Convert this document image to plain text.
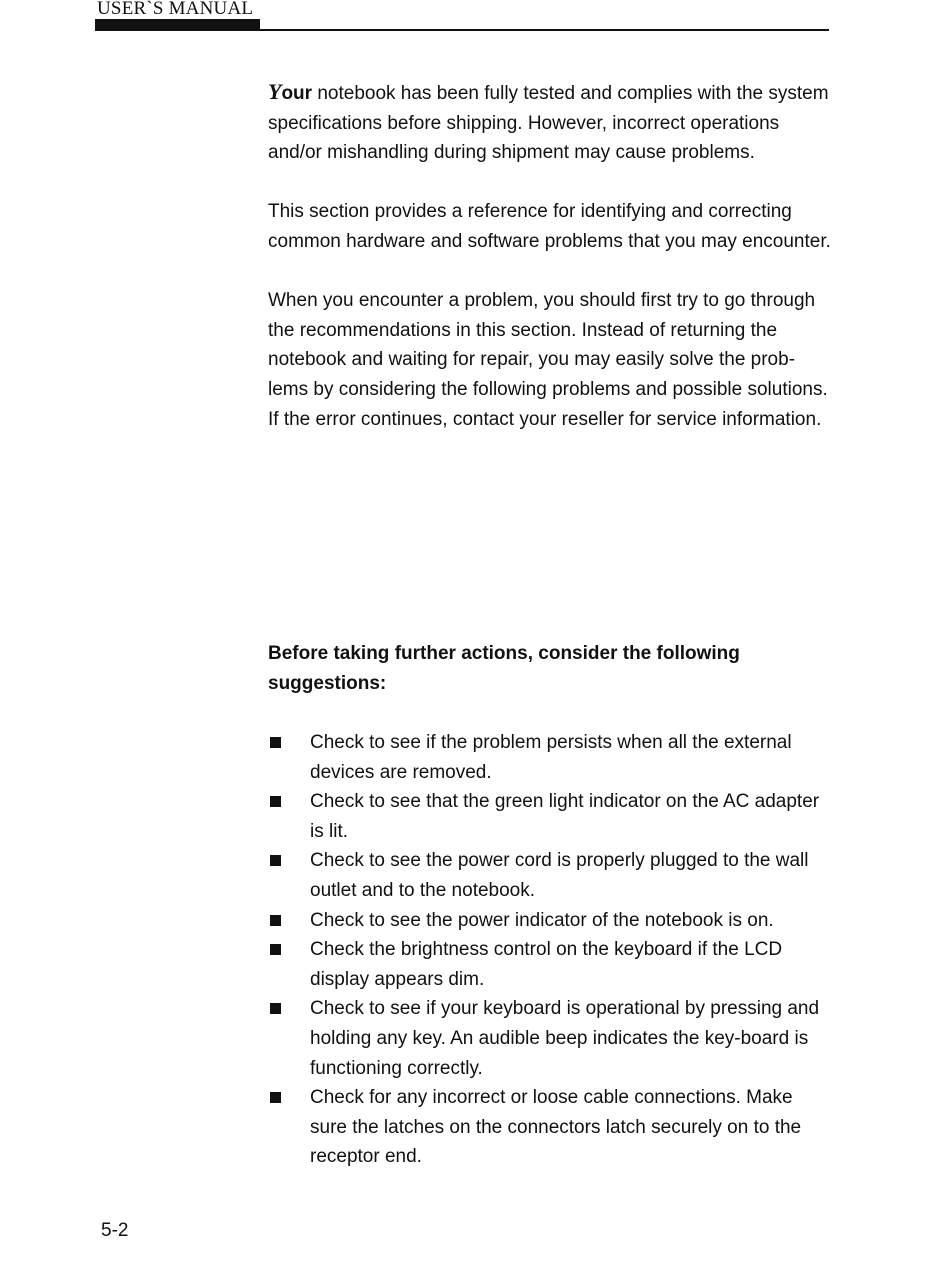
USER`S MANUAL

Your notebook has been fully tested and complies with the system specifications before shipping. However, incorrect operations and/or mishandling during shipment may cause problems.

This section provides a reference for identifying and correcting common hardware and software problems that you may encounter.

When you encounter a problem, you should first try to go through the recommendations in this section. Instead of returning the notebook and waiting for repair, you may easily solve the prob-lems by considering the following problems and possible solutions. If the error continues, contact your reseller for service information.

Before taking further actions, consider the following suggestions:
Check to see if the problem persists when all the external devices are removed.
Check to see that the green light indicator on the AC adapter is lit.
Check to see the power cord is properly plugged to the wall outlet and to the notebook.
Check to see the power indicator of the notebook is on.
Check the brightness control on the keyboard if the LCD display appears dim.
Check to see if your keyboard is operational by pressing and holding any key. An audible beep indicates the key-board is functioning correctly.
Check for any incorrect or loose cable connections. Make sure the latches on the connectors latch securely on to the receptor end.
5-2
